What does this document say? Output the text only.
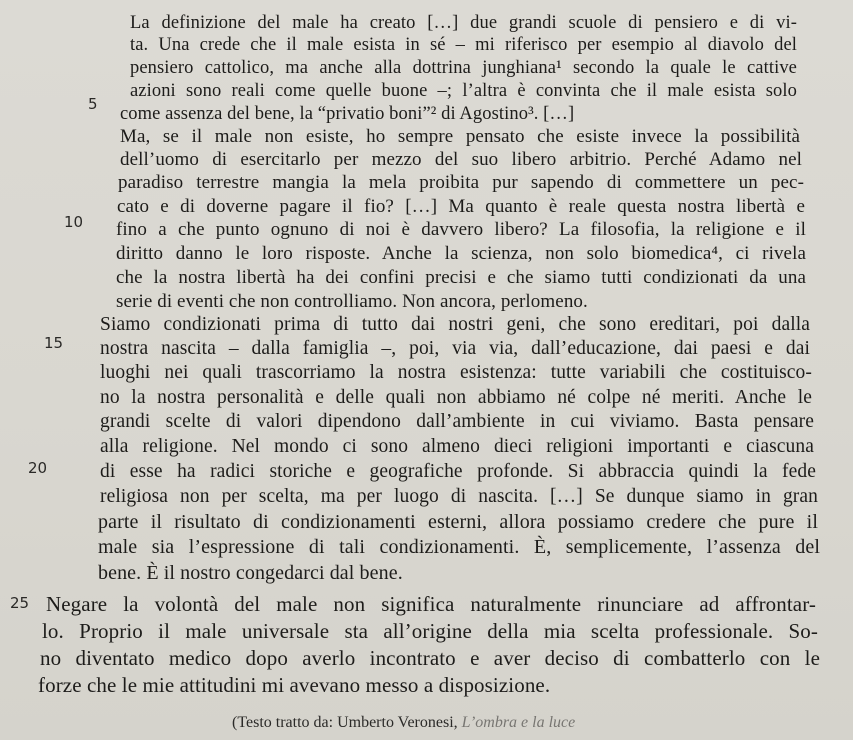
La definizione del male ha creato […] due grandi scuole di pensiero e di vi-
ta. Una crede che il male esista in sé – mi riferisco per esempio al diavolo del
pensiero cattolico, ma anche alla dottrina junghiana¹ secondo la quale le cattive
azioni sono reali come quelle buone –; l’altra è convinta che il male esista solo
come assenza del bene, la “privatio boni”² di Agostino³. […]
5
Ma, se il male non esiste, ho sempre pensato che esiste invece la possibilità
dell’uomo di esercitarlo per mezzo del suo libero arbitrio. Perché Adamo nel
paradiso terrestre mangia la mela proibita pur sapendo di commettere un pec-
cato e di doverne pagare il fio? […] Ma quanto è reale questa nostra libertà e
fino a che punto ognuno di noi è davvero libero? La filosofia, la religione e il
10
diritto danno le loro risposte. Anche la scienza, non solo biomedica⁴, ci rivela
che la nostra libertà ha dei confini precisi e che siamo tutti condizionati da una
serie di eventi che non controlliamo. Non ancora, perlomeno.
Siamo condizionati prima di tutto dai nostri geni, che sono ereditari, poi dalla
nostra nascita – dalla famiglia –, poi, via via, dall’educazione, dai paesi e dai
15
luoghi nei quali trascorriamo la nostra esistenza: tutte variabili che costituisco-
no la nostra personalità e delle quali non abbiamo né colpe né meriti. Anche le
grandi scelte di valori dipendono dall’ambiente in cui viviamo. Basta pensare
alla religione. Nel mondo ci sono almeno dieci religioni importanti e ciascuna
di esse ha radici storiche e geografiche profonde. Si abbraccia quindi la fede
20
religiosa non per scelta, ma per luogo di nascita. […] Se dunque siamo in gran
parte il risultato di condizionamenti esterni, allora possiamo credere che pure il
male sia l’espressione di tali condizionamenti. È, semplicemente, l’assenza del
bene. È il nostro congedarci dal bene.
Negare la volontà del male non significa naturalmente rinunciare ad affrontar-
25
lo. Proprio il male universale sta all’origine della mia scelta professionale. So-
no diventato medico dopo averlo incontrato e aver deciso di combatterlo con le
forze che le mie attitudini mi avevano messo a disposizione.
(Testo tratto da: Umberto Veronesi, L’ombra e la luce
